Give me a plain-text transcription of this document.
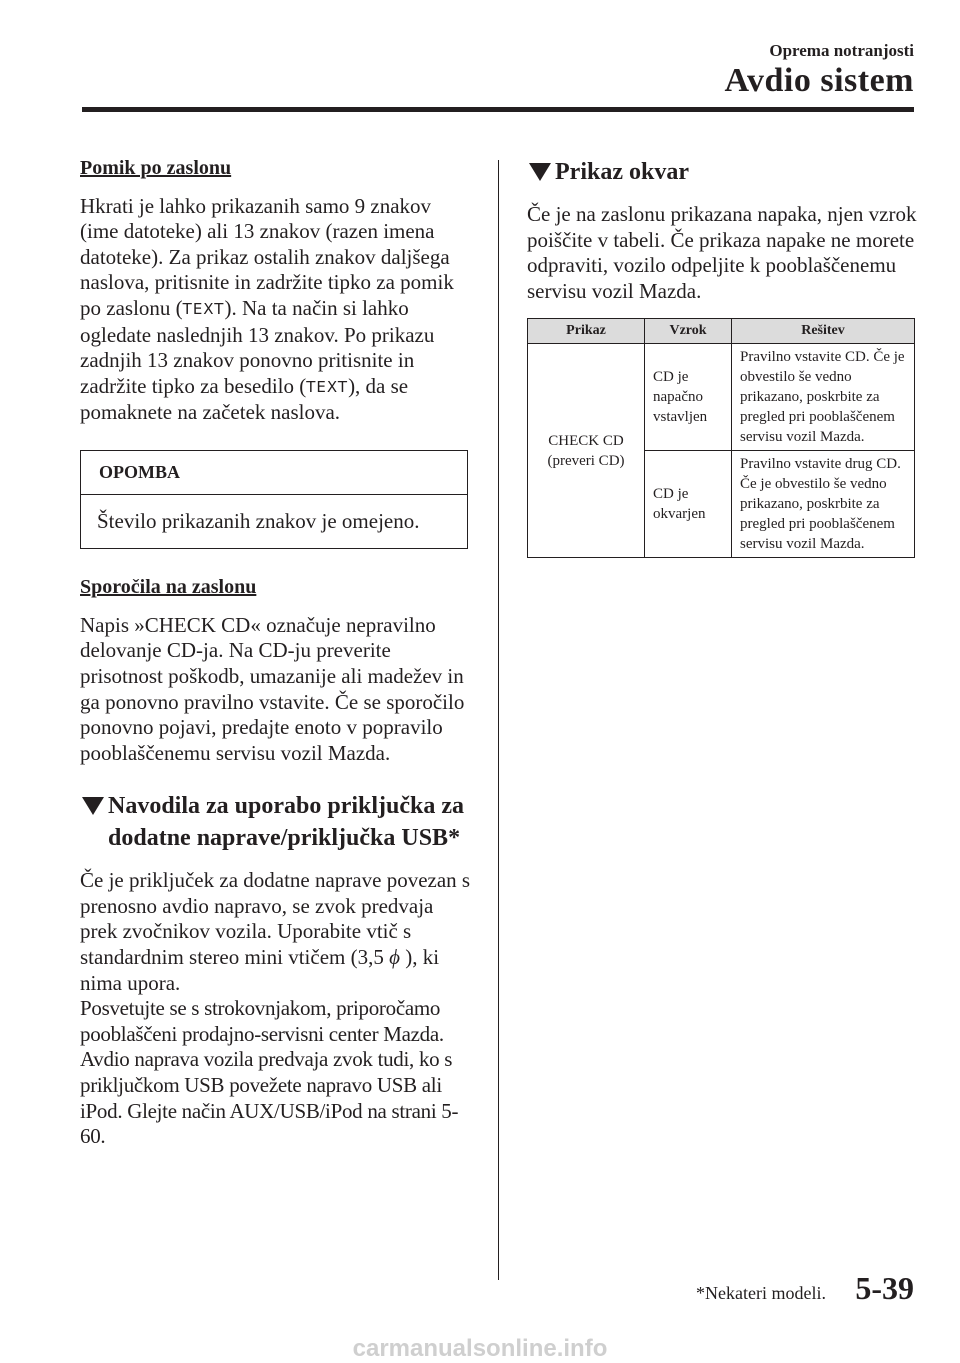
Oprema notranjosti
Avdio sistem
Pomik po zaslonu

Hkrati je lahko prikazanih samo 9 znakov (ime datoteke) ali 13 znakov (razen imena datoteke). Za prikaz ostalih znakov daljšega naslova, pritisnite in zadržite tipko za pomik po zaslonu (TEXT). Na ta način si lahko ogledate naslednjih 13 znakov. Po prikazu zadnjih 13 znakov ponovno pritisnite in zadržite tipko za besedilo (TEXT), da se pomaknete na začetek naslova.

OPOMBA
Število prikazanih znakov je omejeno.
Sporočila na zaslonu

Napis »CHECK CD« označuje nepravilno delovanje CD-ja. Na CD-ju preverite prisotnost poškodb, umazanije ali madežev in ga ponovno pravilno vstavite. Če se sporočilo ponovno pojavi, predajte enoto v popravilo pooblaščenemu servisu vozil Mazda.

Navodila za uporabo priključka za dodatne naprave/priključka USB*

Če je priključek za dodatne naprave povezan s prenosno avdio napravo, se zvok predvaja prek zvočnikov vozila. Uporabite vtič s standardnim stereo mini vtičem (3,5 ϕ ), ki nima upora.

Posvetujte se s strokovnjakom, priporočamo pooblaščeni prodajno-servisni center Mazda. Avdio naprava vozila predvaja zvok tudi, ko s priključkom USB povežete napravo USB ali iPod. Glejte način AUX/USB/iPod na strani 5-60.

Prikaz okvar

Če je na zaslonu prikazana napaka, njen vzrok poiščite v tabeli. Če prikaza napake ne morete odpraviti, vozilo odpeljite k pooblaščenemu servisu vozil Mazda.

Prikaz	Vzrok	Rešitev
CHECK CD (preveri CD)	CD je napačno vstavljen	Pravilno vstavite CD. Če je obvestilo še vedno prikazano, poskrbite za pregled pri pooblaščenem servisu vozil Mazda.
	CD je okvarjen	Pravilno vstavite drug CD. Če je obvestilo še vedno prikazano, poskrbite za pregled pri pooblaščenem servisu vozil Mazda.
*Nekateri modeli. 5-39
carmanualsonline.info
